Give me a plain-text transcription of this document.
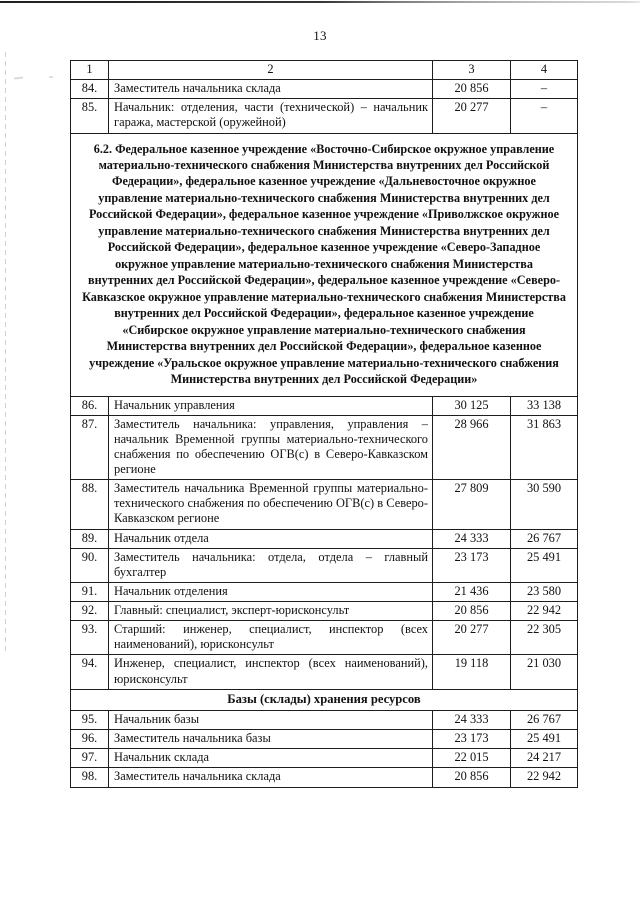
13
1	2	3	4
84.	Заместитель начальника склада	20 856	–
85.	Начальник: отделения, части (технической) – начальник гаража, мастерской (оружейной)	20 277	–
6.2. Федеральное казенное учреждение «Восточно-Сибирское окружное управление материально-технического снабжения Министерства внутренних дел Российской Федерации», федеральное казенное учреждение «Дальневосточное окружное управление материально-технического снабжения Министерства внутренних дел Российской Федерации», федеральное казенное учреждение «Приволжское окружное управление материально-технического снабжения Министерства внутренних дел Российской Федерации», федеральное казенное учреждение «Северо-Западное окружное управление материально-технического снабжения Министерства внутренних дел Российской Федерации», федеральное казенное учреждение «Северо-Кавказское окружное управление материально-технического снабжения Министерства внутренних дел Российской Федерации», федеральное казенное учреждение «Сибирское окружное управление материально-технического снабжения Министерства внутренних дел Российской Федерации», федеральное казенное учреждение «Уральское окружное управление материально-технического снабжения Министерства внутренних дел Российской Федерации»			
86.	Начальник управления	30 125	33 138
87.	Заместитель начальника: управления, управления – начальник Временной группы материально-технического снабжения по обеспечению ОГВ(с) в Северо-Кавказском регионе	28 966	31 863
88.	Заместитель начальника Временной группы материально-технического снабжения по обеспечению ОГВ(с) в Северо-Кавказском регионе	27 809	30 590
89.	Начальник отдела	24 333	26 767
90.	Заместитель начальника: отдела, отдела – главный бухгалтер	23 173	25 491
91.	Начальник отделения	21 436	23 580
92.	Главный: специалист, эксперт-юрисконсульт	20 856	22 942
93.	Старший: инженер, специалист, инспектор (всех наименований), юрисконсульт	20 277	22 305
94.	Инженер, специалист, инспектор (всех наименований), юрисконсульт	19 118	21 030
Базы (склады) хранения ресурсов			
95.	Начальник базы	24 333	26 767
96.	Заместитель начальника базы	23 173	25 491
97.	Начальник склада	22 015	24 217
98.	Заместитель начальника склада	20 856	22 942
